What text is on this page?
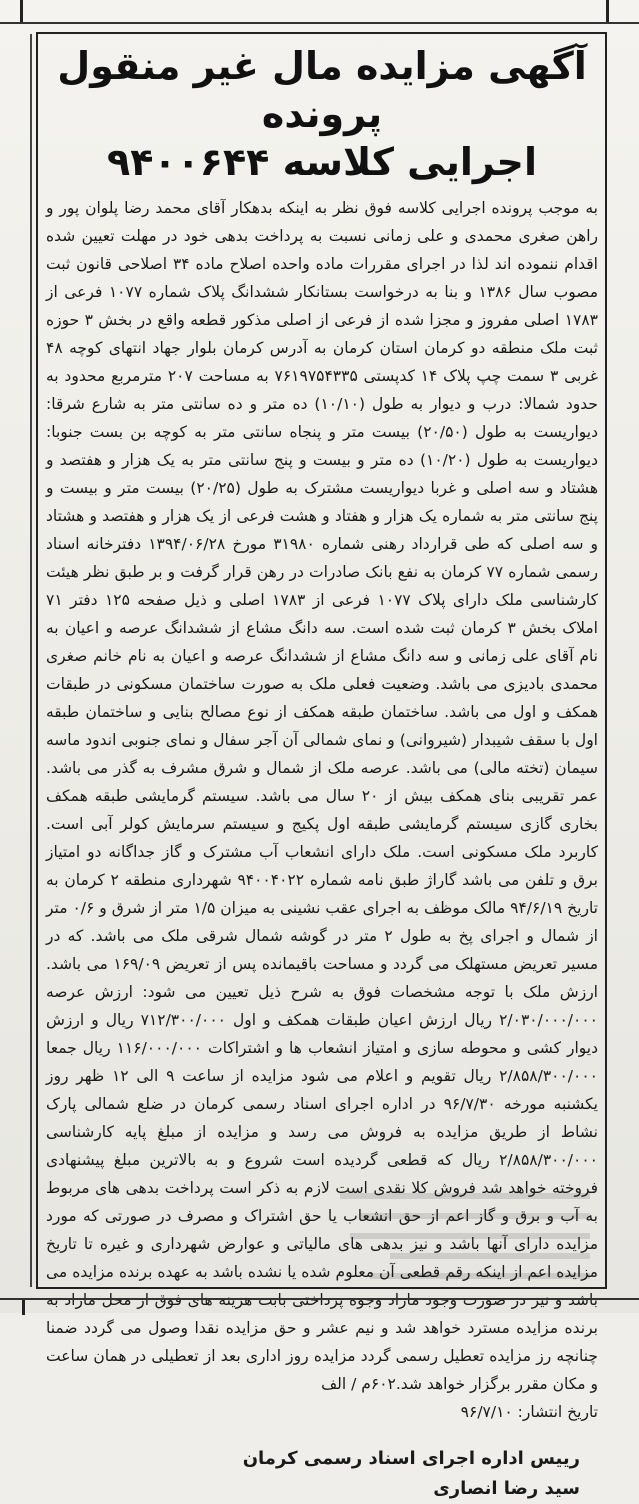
آگهی مزایده مال غیر منقول پرونده
اجرایی کلاسه ۹۴۰۰۶۴۴

به موجب پرونده اجرایی کلاسه فوق نظر به اینکه بدهکار آقای محمد رضا پلوان پور و راهن صغری محمدی و علی زمانی نسبت به پرداخت بدهی خود در مهلت تعیین شده اقدام ننموده اند لذا در اجرای مقررات ماده واحده اصلاح ماده ۳۴ اصلاحی قانون ثبت مصوب سال ۱۳۸۶ و بنا به درخواست بستانکار ششدانگ پلاک شماره ۱۰۷۷ فرعی از ۱۷۸۳ اصلی مفروز و مجزا شده از فرعی از اصلی مذکور قطعه واقع در بخش ۳ حوزه ثبت ملک منطقه دو کرمان استان کرمان به آدرس کرمان بلوار جهاد انتهای کوچه ۴۸ غربی ۳ سمت چپ پلاک ۱۴ کدپستی ۷۶۱۹۷۵۴۳۳۵ به مساحت ۲۰۷ مترمربع محدود به حدود شمالا: درب و دیوار به طول (۱۰/۱۰) ده متر و ده سانتی متر به شارع شرقا: دیواریست به طول (۲۰/۵۰) بیست متر و پنجاه سانتی متر به کوچه بن بست جنوبا: دیواریست به طول (۱۰/۲۰) ده متر و بیست و پنج سانتی متر به یک هزار و هفتصد و هشتاد و سه اصلی و غربا دیواریست مشترک به طول (۲۰/۲۵) بیست متر و بیست و پنج سانتی متر به شماره یک هزار و هفتاد و هشت فرعی از یک هزار و هفتصد و هشتاد و سه اصلی که طی قرارداد رهنی شماره ۳۱۹۸۰ مورخ ۱۳۹۴/۰۶/۲۸ دفترخانه اسناد رسمی شماره ۷۷ کرمان به نفع بانک صادرات در رهن قرار گرفت و بر طبق نظر هیئت کارشناسی ملک دارای پلاک ۱۰۷۷ فرعی از ۱۷۸۳ اصلی و ذیل صفحه ۱۲۵ دفتر ۷۱ املاک بخش ۳ کرمان ثبت شده است. سه دانگ مشاع از ششدانگ عرصه و اعیان به نام آقای علی زمانی و سه دانگ مشاع از ششدانگ عرصه و اعیان به نام خانم صغری محمدی بادیزی می باشد. وضعیت فعلی ملک به صورت ساختمان مسکونی در طبقات همکف و اول می باشد. ساختمان طبقه همکف از نوع مصالح بنایی و ساختمان طبقه اول با سقف شیبدار (شیروانی) و نمای شمالی آن آجر سفال و نمای جنوبی اندود ماسه سیمان (تخته مالی) می باشد. عرصه ملک از شمال و شرق مشرف به گذر می باشد. عمر تقریبی بنای همکف بیش از ۲۰ سال می باشد. سیستم گرمایشی طبقه همکف بخاری گازی سیستم گرمایشی طبقه اول پکیج و سیستم سرمایش کولر آبی است. کاربرد ملک مسکونی است. ملک دارای انشعاب آب مشترک و گاز جداگانه دو امتیاز برق و تلفن می باشد گاراژ طبق نامه شماره ۹۴۰۰۴۰۲۲ شهرداری منطقه ۲ کرمان به تاریخ ۹۴/۶/۱۹ مالک موظف به اجرای عقب نشینی به میزان ۱/۵ متر از شرق و ۰/۶ متر از شمال و اجرای پخ به طول ۲ متر در گوشه شمال شرقی ملک می باشد. که در مسیر تعریض مستهلک می گردد و مساحت باقیمانده پس از تعریض ۱۶۹/۰۹ می باشد. ارزش ملک با توجه مشخصات فوق به شرح ذیل تعیین می شود: ارزش عرصه ۲/۰۳۰/۰۰۰/۰۰۰ ریال ارزش اعیان طبقات همکف و اول ۷۱۲/۳۰۰/۰۰۰ ریال و ارزش دیوار کشی و محوطه سازی و امتیاز انشعاب ها و اشتراکات ۱۱۶/۰۰۰/۰۰۰ ریال جمعا ۲/۸۵۸/۳۰۰/۰۰۰ ریال تقویم و اعلام می شود مزایده از ساعت ۹ الی ۱۲ ظهر روز یکشنبه مورخه ۹۶/۷/۳۰ در اداره اجرای اسناد رسمی کرمان در ضلع شمالی پارک نشاط از طریق مزایده به فروش می رسد و مزایده از مبلغ پایه کارشناسی ۲/۸۵۸/۳۰۰/۰۰۰ ریال که قطعی گردیده است شروع و به بالاترین مبلغ پیشنهادی فروخته خواهد شد فروش کلا نقدی است لازم به ذکر است پرداخت بدهی های مربوط به آب و برق و گاز اعم از حق انشعاب یا حق اشتراک و مصرف در صورتی که مورد مزایده دارای آنها باشد و نیز بدهی های مالیاتی و عوارض شهرداری و غیره تا تاریخ مزایده اعم از اینکه رقم قطعی آن معلوم شده یا نشده باشد به عهده برنده مزایده می باشد و نیز در صورت وجود مازاد وجوه پرداختی بابت هزینه های فوق از محل مازاد به برنده مزایده مسترد خواهد شد و نیم عشر و حق مزایده نقدا وصول می گردد ضمنا چنانچه رز مزایده تعطیل رسمی گردد مزایده روز اداری بعد از تعطیلی در همان ساعت و مکان مقرر برگزار خواهد شد.۶۰۲م / الف

تاریخ انتشار: ۹۶/۷/۱۰

رییس اداره اجرای اسناد رسمی کرمان
سید رضا انصاری
